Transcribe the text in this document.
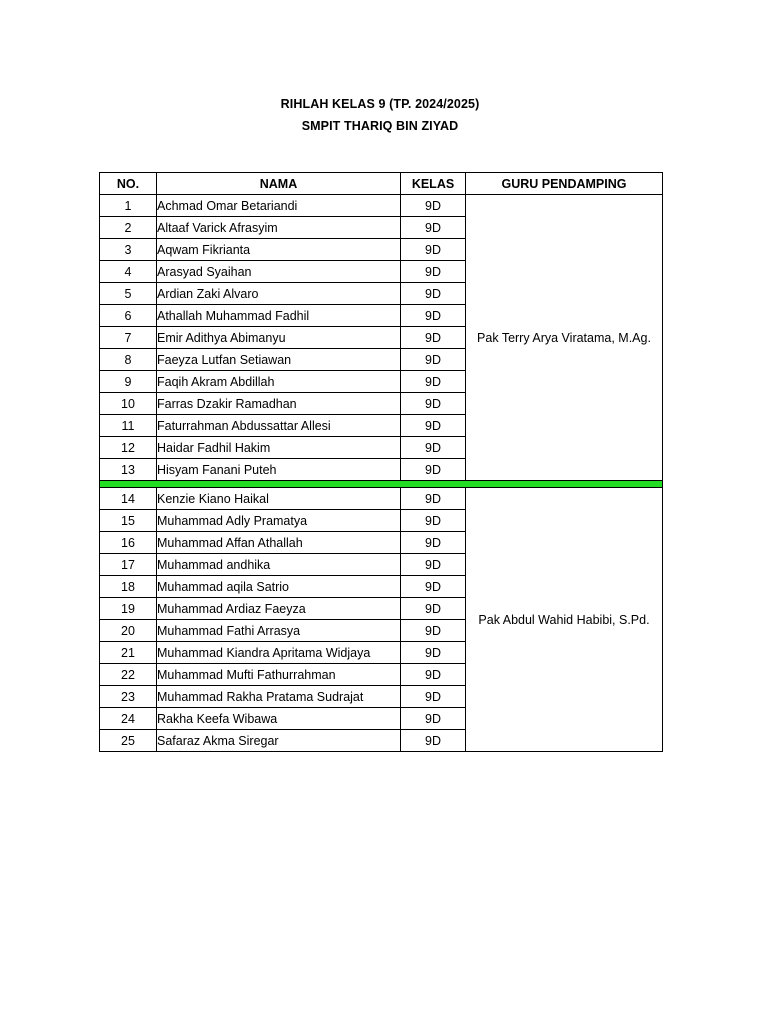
RIHLAH KELAS 9 (TP. 2024/2025)
SMPIT THARIQ BIN ZIYAD
NO.	NAMA	KELAS	GURU PENDAMPING
1	Achmad Omar Betariandi	9D	Pak Terry Arya Viratama, M.Ag.
2	Altaaf Varick Afrasyim	9D	
3	Aqwam Fikrianta	9D	
4	Arasyad Syaihan	9D	
5	Ardian Zaki Alvaro	9D	
6	Athallah Muhammad Fadhil	9D	
7	Emir Adithya Abimanyu	9D	
8	Faeyza Lutfan Setiawan	9D	
9	Faqih Akram Abdillah	9D	
10	Farras Dzakir Ramadhan	9D	
11	Faturrahman Abdussattar Allesi	9D	
12	Haidar Fadhil Hakim	9D	
13	Hisyam Fanani Puteh	9D	

14	Kenzie Kiano Haikal	9D	Pak Abdul Wahid Habibi, S.Pd.
15	Muhammad Adly Pramatya	9D	
16	Muhammad Affan Athallah	9D	
17	Muhammad andhika	9D	
18	Muhammad aqila Satrio	9D	
19	Muhammad Ardiaz Faeyza	9D	
20	Muhammad Fathi Arrasya	9D	
21	Muhammad Kiandra Apritama Widjaya	9D	
22	Muhammad Mufti Fathurrahman	9D	
23	Muhammad Rakha Pratama Sudrajat	9D	
24	Rakha Keefa Wibawa	9D	
25	Safaraz Akma Siregar	9D	
